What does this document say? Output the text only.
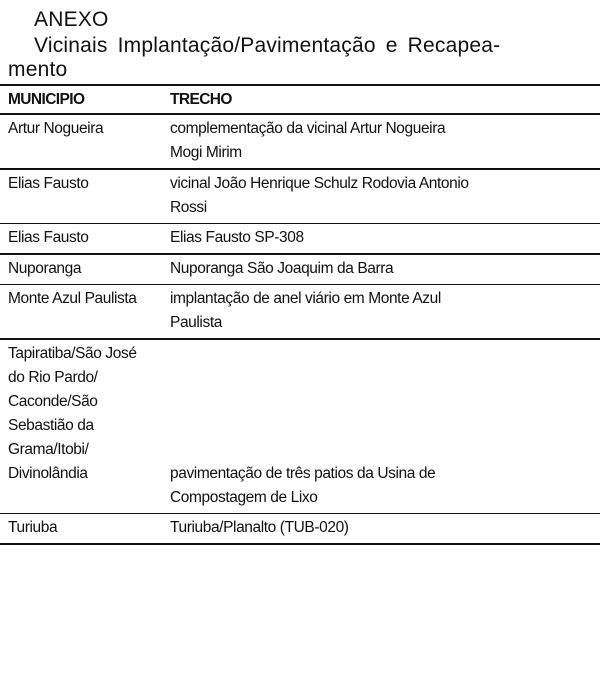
ANEXO
Vicinais Implantação/Pavimentação e Recapea-
mento
MUNICIPIO	TRECHO
Artur Nogueira	complementação da vicinal Artur Nogueira
Mogi Mirim
Elias Fausto	vicinal João Henrique Schulz Rodovia Antonio
Rossi
Elias Fausto	Elias Fausto SP-308
Nuporanga	Nuporanga São Joaquim da Barra
Monte Azul Paulista	implantação de anel viário em Monte Azul
Paulista
Tapiratiba/São José
do Rio Pardo/
Caconde/São
Sebastião da
Grama/Itobi/
Divinolândia	pavimentação de três patios da Usina de
Compostagem de Lixo
Turiuba	Turiuba/Planalto (TUB-020)
